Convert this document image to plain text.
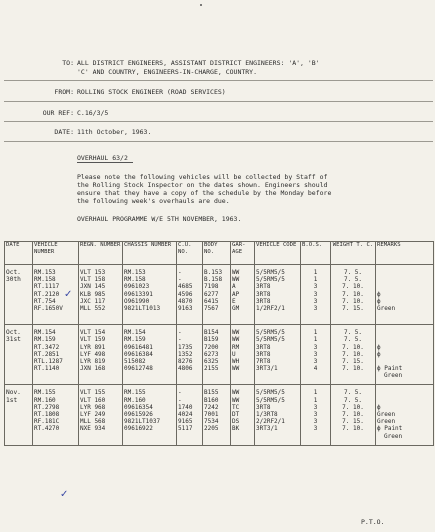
TO: ALL DISTRICT ENGINEERS, ASSISTANT DISTRICT ENGINEERS: 'A', 'B'
'C' AND COUNTRY, ENGINEERS-IN-CHARGE, COUNTRY.
FROM: ROLLING STOCK ENGINEER (ROAD SERVICES)
OUR REF: C.16/3/5
DATE: 11th October, 1963.
OVERHAUL 63/2
Please note the following vehicles will be collected by Staff of
the Rolling Stock Inspector on the dates shown. Engineers should
ensure that they have a copy of the schedule by the Monday before
the following week's overhauls are due.
OVERHAUL PROGRAMME W/E 5TH NOVEMBER, 1963.
DATE	VEHICLE NUMBER	REGN. NUMBER	CHASSIS NUMBER	C.U. NO.	BODY NO.	GAR- AGE	VEHICLE CODE	B.O.S.	WEIGHT T. C.	REMARKS
Oct.	RM.153	VLT 153	RM.153	-	B.153	WW	5/5RM5/5	1	7. 5.	
30th	RM.158	VLT 158	RM.158	-	B.158	WW	5/5RM5/5	1	7. 5.	
	RT.1117	JXN 145	0961023	4685	7198	A	3RT8	3	7. 10.	
	RT.2120	KLB 985	09613391	4596	6277	AP	3RT8	3	7. 10.	ϕ
	RT.754	JXC 117	O961990	4870	6415	E	3RT8	3	7. 10.	ϕ
	RF.1650V	MLL 552	9821LT1013	9163	7567	GM	1/2RF2/1	3	7. 15.	Green

Oct.	RM.154	VLT 154	RM.154	-	B154	WW	5/5RM5/5	1	7. 5.	
31st	RM.159	VLT 159	RM.159	-	B159	WW	5/5RM5/5	1	7. 5.	
	RT.3472	LYR 891	09616481	1735	7200	RM	3RT8	3	7. 10.	ϕ
	RT.2851	LYF 498	09616384	1352	6273	U	3RT8	3	7. 10.	ϕ
	RTL.1287	LYR 819	515082	8276	6325	WH	7RT8	3	7. 15.	
	RT.1140	JXN 168	09612748	4806	2155	WW	3RT3/1	4	7. 10.	ϕ Paint
										Green
Nov.	RM.155	VLT 155	RM.155	-	B155	WW	5/5RM5/5	1	7. 5.	
1st	RM.160	VLT 160	RM.160	-	B160	WW	5/5RM5/5	1	7. 5.	
	RT.2798	LYR 968	09616354	1740	7242	TC	3RT8	3	7. 10.	ϕ
	RT.1808	LYF 249	09615926	4024	7001	DT	1/3RT8	3	7. 10.	Green
	RF.181C	MLL 568	9821LT1037	9165	7534	DS	2/2RF2/1	3	7. 15.	Green
	RT.4270	NXE 934	09616922	5117	2205	BK	3RT3/1	3	7. 10.	ϕ Paint
										Green
✓
✓
P.T.O.
